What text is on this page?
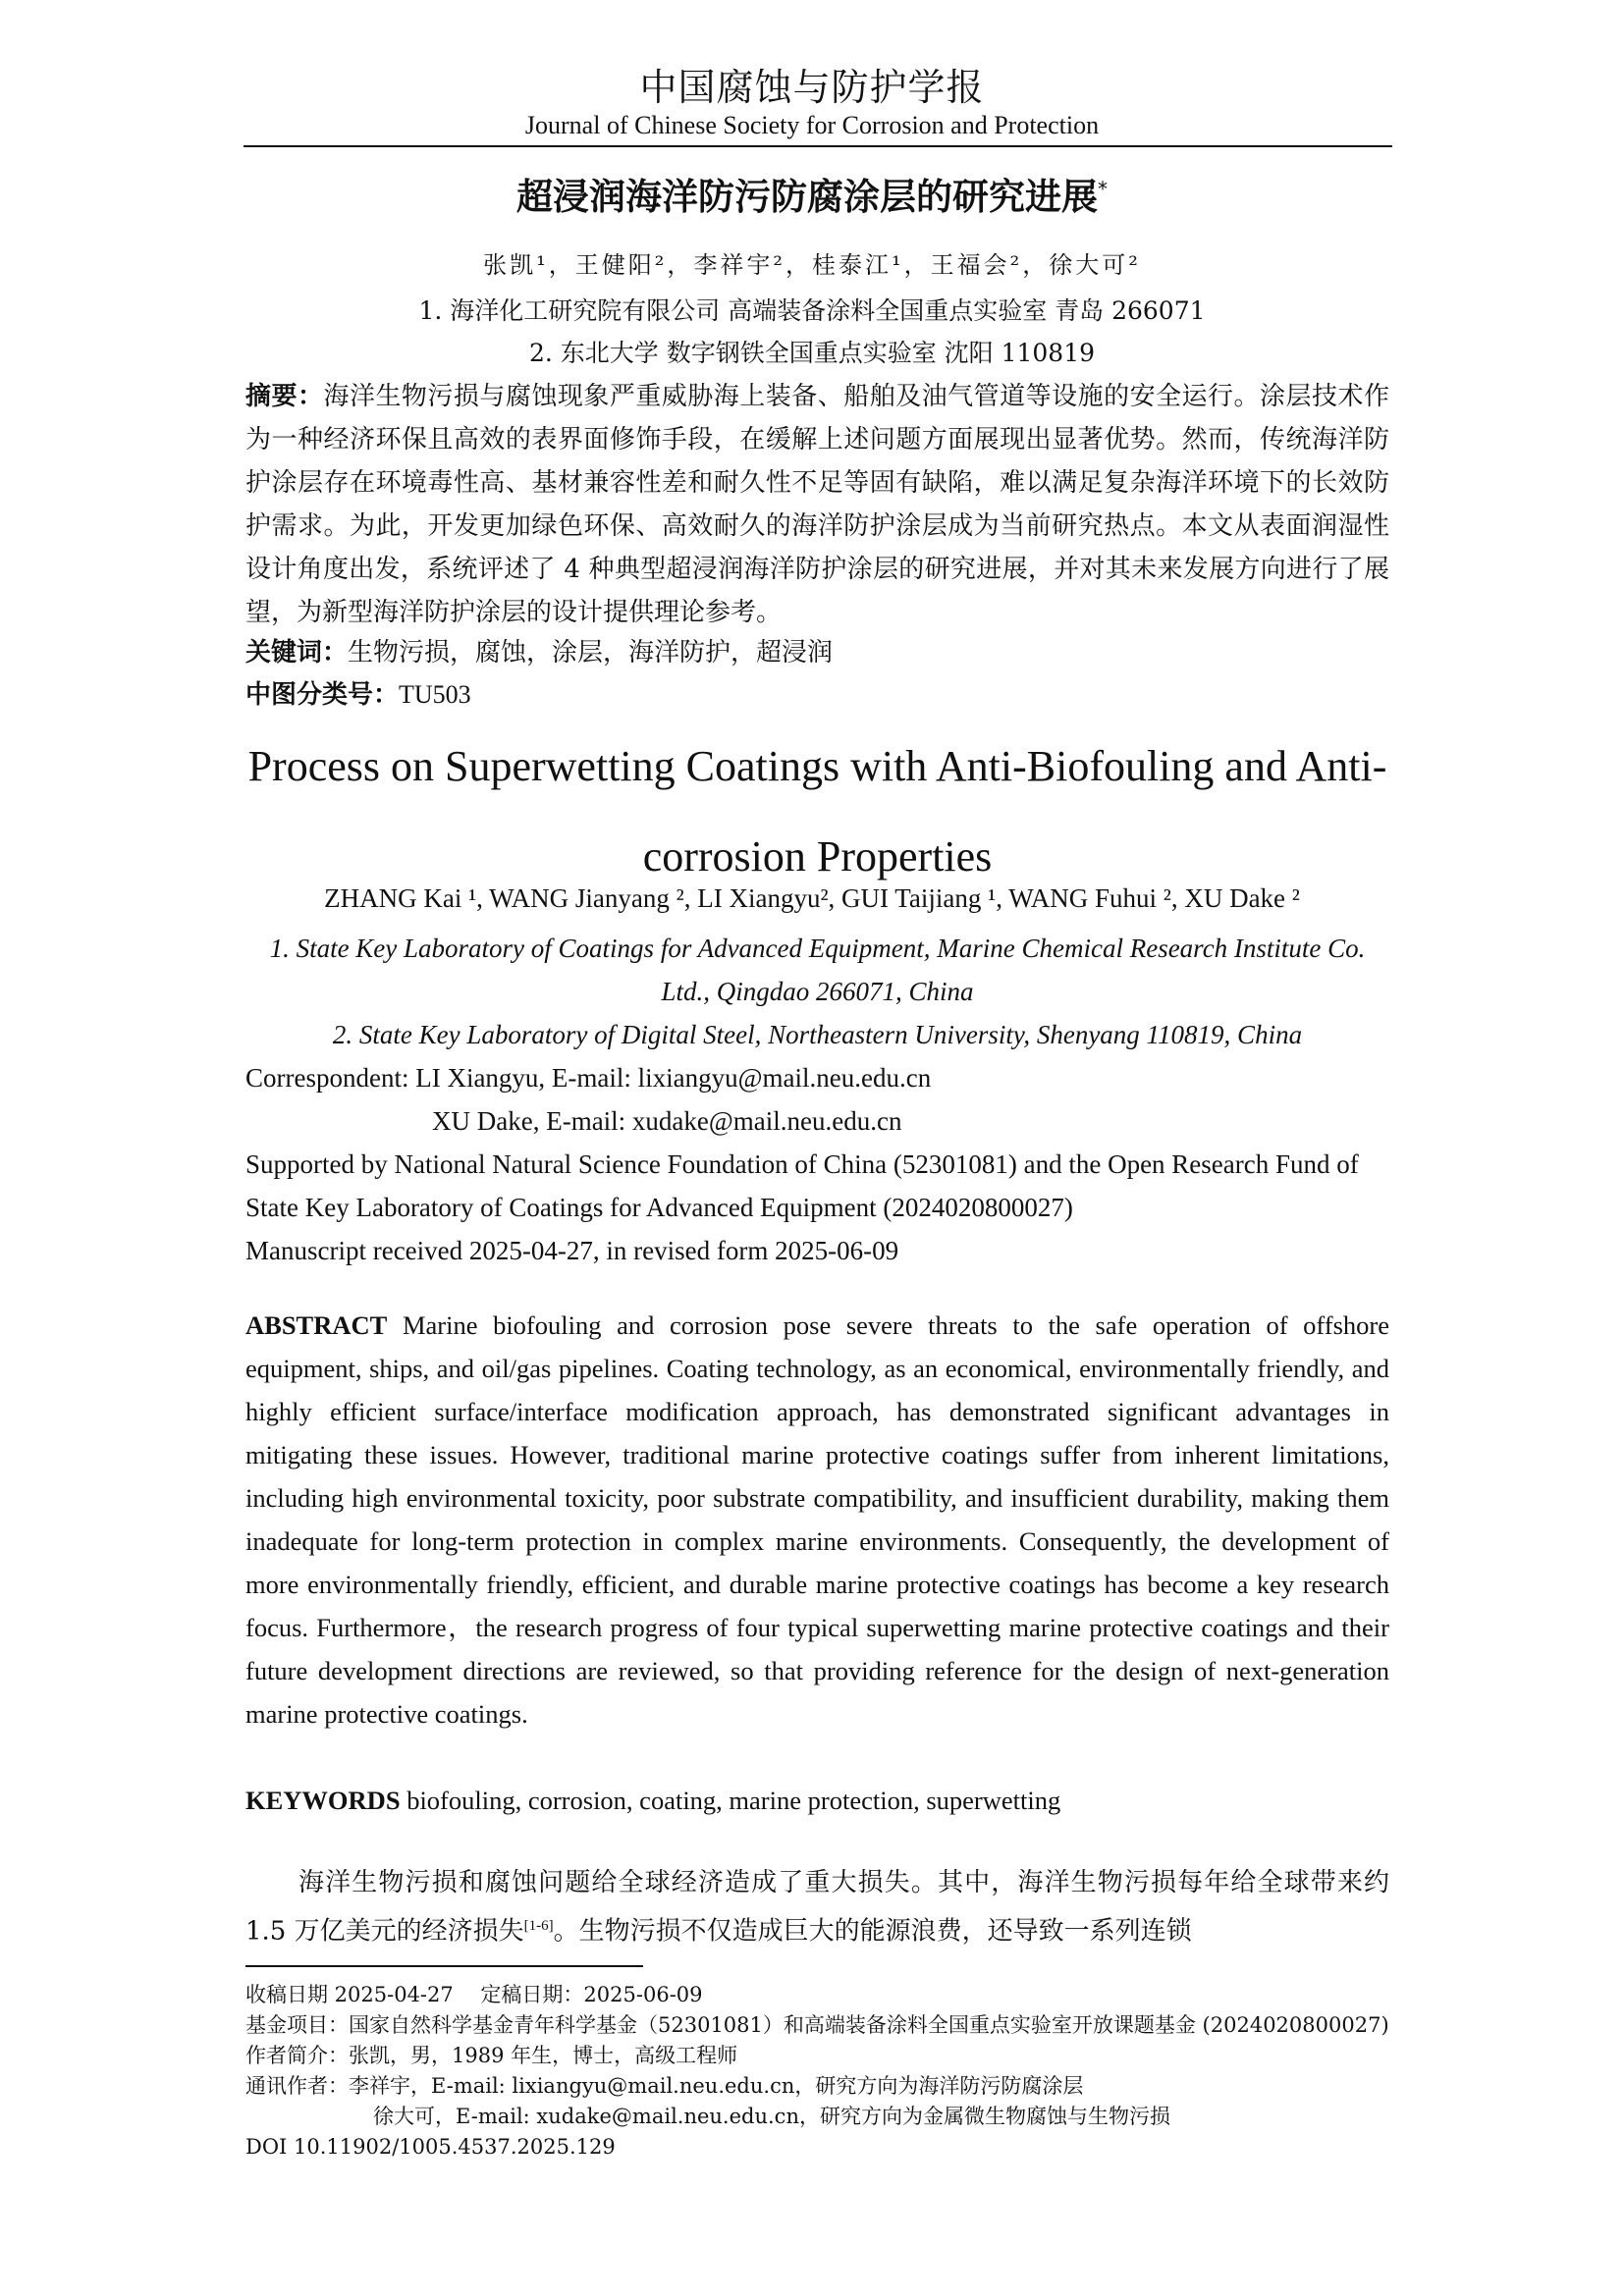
中国腐蚀与防护学报
Journal of Chinese Society for Corrosion and Protection
超浸润海洋防污防腐涂层的研究进展*
张凯¹，王健阳²，李祥宇²，桂泰江¹，王福会²，徐大可²
1. 海洋化工研究院有限公司 高端装备涂料全国重点实验室 青岛 266071
2. 东北大学 数字钢铁全国重点实验室 沈阳 110819
摘要：海洋生物污损与腐蚀现象严重威胁海上装备、船舶及油气管道等设施的安全运行。涂层技术作为一种经济环保且高效的表界面修饰手段，在缓解上述问题方面展现出显著优势。然而，传统海洋防护涂层存在环境毒性高、基材兼容性差和耐久性不足等固有缺陷，难以满足复杂海洋环境下的长效防护需求。为此，开发更加绿色环保、高效耐久的海洋防护涂层成为当前研究热点。本文从表面润湿性设计角度出发，系统评述了 4 种典型超浸润海洋防护涂层的研究进展，并对其未来发展方向进行了展望，为新型海洋防护涂层的设计提供理论参考。
关键词：生物污损，腐蚀，涂层，海洋防护，超浸润
中图分类号：TU503
Process on Superwetting Coatings with Anti-Biofouling and Anti-corrosion Properties
ZHANG Kai ¹, WANG Jianyang ², LI Xiangyu², GUI Taijiang ¹, WANG Fuhui ², XU Dake ²
1. State Key Laboratory of Coatings for Advanced Equipment, Marine Chemical Research Institute Co. Ltd., Qingdao 266071, China
2. State Key Laboratory of Digital Steel, Northeastern University, Shenyang 110819, China
Correspondent: LI Xiangyu, E-mail: lixiangyu@mail.neu.edu.cn
XU Dake, E-mail: xudake@mail.neu.edu.cn
Supported by National Natural Science Foundation of China (52301081) and the Open Research Fund of State Key Laboratory of Coatings for Advanced Equipment (2024020800027)
Manuscript received 2025-04-27, in revised form 2025-06-09
ABSTRACT Marine biofouling and corrosion pose severe threats to the safe operation of offshore equipment, ships, and oil/gas pipelines. Coating technology, as an economical, environmentally friendly, and highly efficient surface/interface modification approach, has demonstrated significant advantages in mitigating these issues. However, traditional marine protective coatings suffer from inherent limitations, including high environmental toxicity, poor substrate compatibility, and insufficient durability, making them inadequate for long-term protection in complex marine environments. Consequently, the development of more environmentally friendly, efficient, and durable marine protective coatings has become a key research focus. Furthermore，the research progress of four typical superwetting marine protective coatings and their future development directions are reviewed, so that providing reference for the design of next-generation marine protective coatings.
KEYWORDS biofouling, corrosion, coating, marine protection, superwetting
海洋生物污损和腐蚀问题给全球经济造成了重大损失。其中，海洋生物污损每年给全球带来约 1.5 万亿美元的经济损失[1-6]。生物污损不仅造成巨大的能源浪费，还导致一系列连锁
收稿日期 2025-04-27　 定稿日期：2025-06-09
基金项目：国家自然科学基金青年科学基金（52301081）和高端装备涂料全国重点实验室开放课题基金 (2024020800027)
作者简介：张凯，男，1989 年生，博士，高级工程师
通讯作者：李祥宇，E-mail: lixiangyu@mail.neu.edu.cn，研究方向为海洋防污防腐涂层
徐大可，E-mail: xudake@mail.neu.edu.cn，研究方向为金属微生物腐蚀与生物污损
DOI 10.11902/1005.4537.2025.129
